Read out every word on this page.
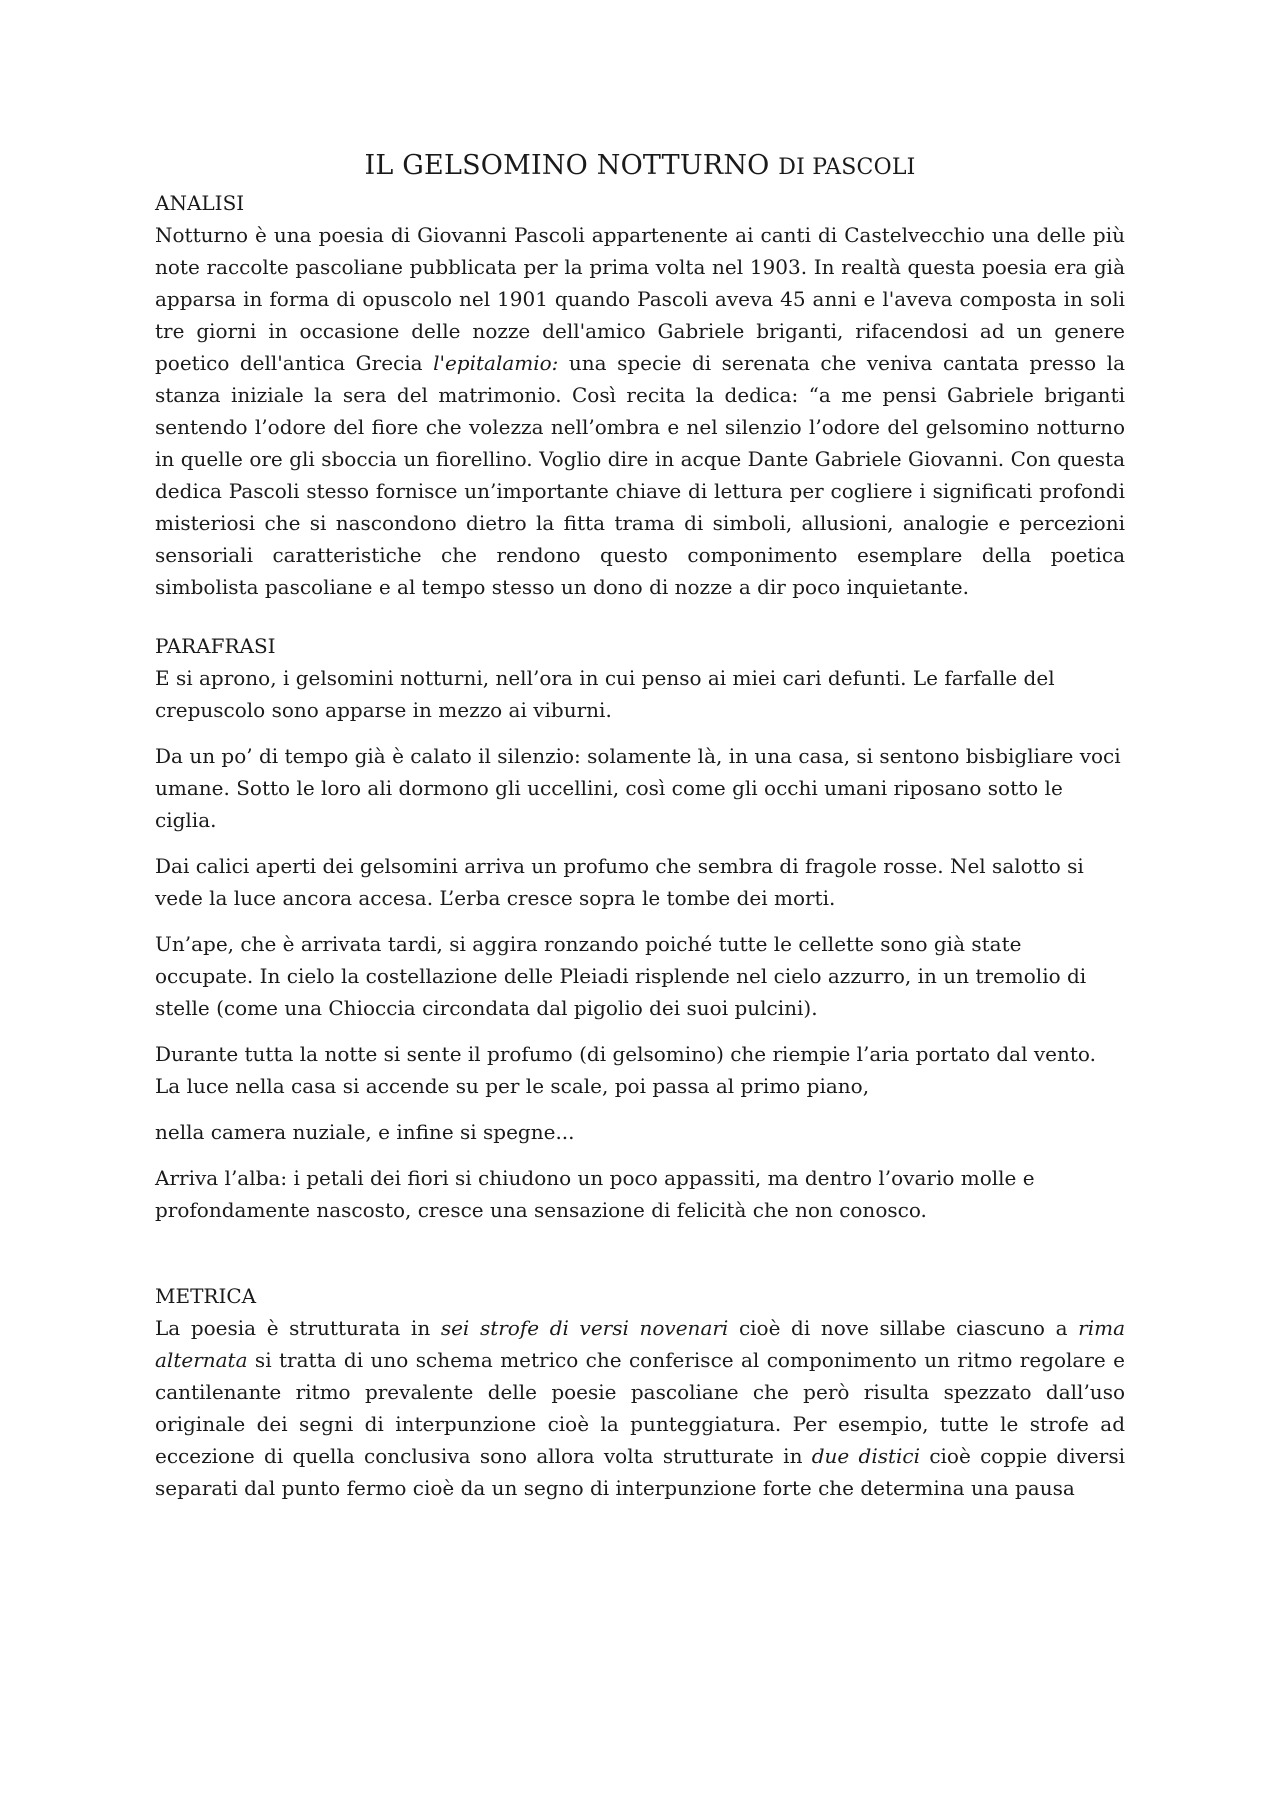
IL GELSOMINO NOTTURNO DI PASCOLI
ANALISI

Notturno è una poesia di Giovanni Pascoli appartenente ai canti di Castelvecchio una delle più note raccolte pascoliane pubblicata per la prima volta nel 1903. In realtà questa poesia era già apparsa in forma di opuscolo nel 1901 quando Pascoli aveva 45 anni e l'aveva composta in soli tre giorni in occasione delle nozze dell'amico Gabriele briganti, rifacendosi ad un genere poetico dell'antica Grecia l'epitalamio: una specie di serenata che veniva cantata presso la stanza iniziale la sera del matrimonio. Così recita la dedica: “a me pensi Gabriele briganti sentendo l’odore del fiore che volezza nell’ombra e nel silenzio l’odore del gelsomino notturno in quelle ore gli sboccia un fiorellino. Voglio dire in acque Dante Gabriele Giovanni. Con questa dedica Pascoli stesso fornisce un’importante chiave di lettura per cogliere i significati profondi misteriosi che si nascondono dietro la fitta trama di simboli, allusioni, analogie e percezioni sensoriali caratteristiche che rendono questo componimento esemplare della poetica simbolista pascoliane e al tempo stesso un dono di nozze a dir poco inquietante.

PARAFRASI

E si aprono, i gelsomini notturni, nell’ora in cui penso ai miei cari defunti. Le farfalle del crepuscolo sono apparse in mezzo ai viburni.

Da un po’ di tempo già è calato il silenzio: solamente là, in una casa, si sentono bisbigliare voci umane. Sotto le loro ali dormono gli uccellini, così come gli occhi umani riposano sotto le ciglia.

Dai calici aperti dei gelsomini arriva un profumo che sembra di fragole rosse. Nel salotto si vede la luce ancora accesa. L’erba cresce sopra le tombe dei morti.

Un’ape, che è arrivata tardi, si aggira ronzando poiché tutte le cellette sono già state occupate. In cielo la costellazione delle Pleiadi risplende nel cielo azzurro, in un tremolio di stelle (come una Chioccia circondata dal pigolio dei suoi pulcini).

Durante tutta la notte si sente il profumo (di gelsomino) che riempie l’aria portato dal vento. La luce nella casa si accende su per le scale, poi passa al primo piano,

nella camera nuziale, e infine si spegne...

Arriva l’alba: i petali dei fiori si chiudono un poco appassiti, ma dentro l’ovario molle e profondamente nascosto, cresce una sensazione di felicità che non conosco.

METRICA

La poesia è strutturata in sei strofe di versi novenari cioè di nove sillabe ciascuno a rima alternata si tratta di uno schema metrico che conferisce al componimento un ritmo regolare e cantilenante ritmo prevalente delle poesie pascoliane che però risulta spezzato dall’uso originale dei segni di interpunzione cioè la punteggiatura. Per esempio, tutte le strofe ad eccezione di quella conclusiva sono allora volta strutturate in due distici cioè coppie diversi separati dal punto fermo cioè da un segno di interpunzione forte che determina una pausa
